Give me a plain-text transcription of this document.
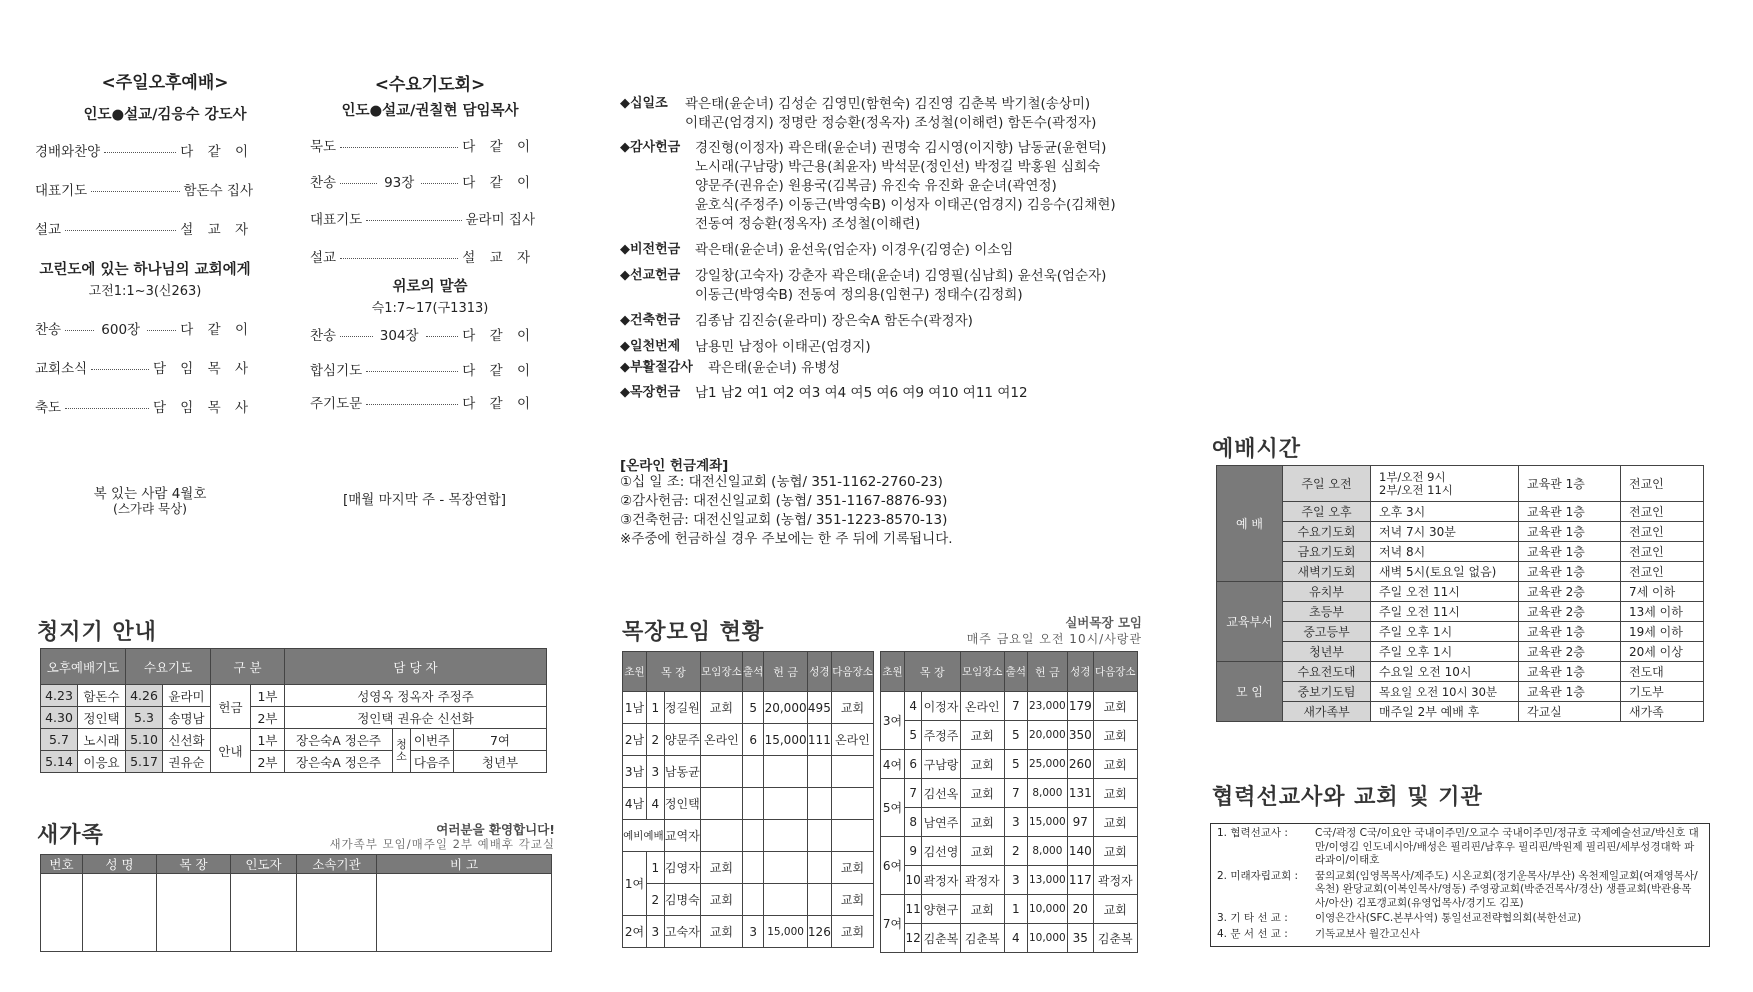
<주일오후예배>
인도●설교/김응수 강도사
경배와찬양	다 같 이
대표기도	함돈수 집사
설교	설 교 자
고린도에 있는 하나님의 교회에게
고전1:1~3(신263)
찬송	600장	다 같 이
교회소식	담 임 목 사
축도	담 임 목 사
복 있는 사람 4월호
(스가랴 묵상)
<수요기도회>
인도●설교/권칠현 담임목사
묵도	다 같 이
찬송	93장	다 같 이
대표기도	윤라미 집사
설교	설 교 자
위로의 말씀
슥1:7~17(구1313)
찬송	304장	다 같 이
합심기도	다 같 이
주기도문	다 같 이
[매월 마지막 주 - 목장연합]
◆십일조 곽은태(윤순녀) 김성순 김영민(함현숙) 김진영 김춘복 박기철(송상미)
이태곤(엄경지) 정명란 정승환(정옥자) 조성철(이해련) 함돈수(곽정자)
◆감사헌금 경진형(이정자) 곽은태(윤순녀) 권명숙 김시영(이지향) 남동균(윤현덕)
노시래(구남랑) 박근용(최윤자) 박석문(정인선) 박정길 박홍원 심희숙
양문주(권유순) 원용국(김복금) 유진숙 유진화 윤순녀(곽연정)
윤호식(주정주) 이동근(박영숙B) 이성자 이태곤(엄경지) 김응수(김채현)
전동여 정승환(정옥자) 조성철(이해련)
◆비전헌금 곽은태(윤순녀) 윤선욱(엄순자) 이경우(김영순) 이소임
◆선교헌금 강일창(고숙자) 강춘자 곽은태(윤순녀) 김영필(심남희) 윤선욱(엄순자)
이동근(박영숙B) 전동여 정의용(임현구) 정태수(김정희)
◆건축헌금 김종남 김진승(윤라미) 장은숙A 함돈수(곽정자)
◆일천번제 남용민 남정아 이태곤(엄경지)
◆부활절감사 곽은태(윤순녀) 유병성
◆목장헌금 남1 남2 여1 여2 여3 여4 여5 여6 여9 여10 여11 여12
[온라인 헌금계좌]
①십 일 조: 대전신일교회 (농협/ 351-1162-2760-23)
②감사헌금: 대전신일교회 (농협/ 351-1167-8876-93)
③건축헌금: 대전신일교회 (농협/ 351-1223-8570-13)
※주중에 헌금하실 경우 주보에는 한 주 뒤에 기록됩니다.
청지기 안내
오후예배기도		수요기도		구 분		담 당 자			
4.23	함돈수	4.26	윤라미	헌금	1부	성영옥 정옥자 주정주			
4.30	정인택	5.3	송명남		2부	정인택 권유순 신선화			
5.7	노시래	5.10	신선화	안내	1부	장은숙A 정은주	청소	이번주	7여
5.14	이응요	5.17	권유순		2부	장은숙A 정은주		다음주	청년부
새가족	여러분을 환영합니다!
새가족부 모임/매주일 2부 예배후 각교실
번호	성 명	목 장	인도자	소속기관	비 고

목장모임 현황	실버목장 모임
매주 금요일 오전 10시/사랑관
초원	목 장		모임장소	출석	헌 금	성경	다음장소
1남	1	정길원	교회	5	20,000	495	교회
2남	2	양문주	온라인	6	15,000	111	온라인
3남	3	남동균					
4남	4	정인택					
예비예배		교역자					
1여	1	김영자	교회				교회
	2	김명숙	교회				교회
2여	3	고숙자	교회	3	15,000	126	교회
초원	목 장		모임장소	출석	헌 금	성경	다음장소
3여	4	이정자	온라인	7	23,000	179	교회
	5	주정주	교회	5	20,000	350	교회
4여	6	구남랑	교회	5	25,000	260	교회
5여	7	김선옥	교회	7	8,000	131	교회
	8	남연주	교회	3	15,000	97	교회
6여	9	김선영	교회	2	8,000	140	교회
	10	곽정자	곽정자	3	13,000	117	곽정자
7여	11	양현구	교회	1	10,000	20	교회
	12	김춘복	김춘복	4	10,000	35	김춘복
예배시간
예 배	주일 오전	1부/오전 9시
2부/오전 11시	교육관 1층	전교인
	주일 오후	오후 3시	교육관 1층	전교인
	수요기도회	저녁 7시 30분	교육관 1층	전교인
	금요기도회	저녁 8시	교육관 1층	전교인
	새벽기도회	새벽 5시(토요일 없음)	교육관 1층	전교인
교육부서	유치부	주일 오전 11시	교육관 2층	7세 이하
	초등부	주일 오전 11시	교육관 2층	13세 이하
	중고등부	주일 오후 1시	교육관 1층	19세 이하
	청년부	주일 오후 1시	교육관 2층	20세 이상
모 임	수요전도대	수요일 오전 10시	교육관 1층	전도대
	중보기도팀	목요일 오전 10시 30분	교육관 1층	기도부
	새가족부	매주일 2부 예배 후	각교실	새가족
협력선교사와 교회 및 기관
1. 협력선교사 :	C국/곽정 C국/이요안 국내이주민/오교수 국내이주민/정규호 국제예술선교/박신호 대만/이영김 인도네시아/배성은 필리핀/남후우 필리핀/박원제 필리핀/세부성경대학 파라과이/이태호
2. 미래자립교회 :	꿈의교회(임영목목사/제주도) 시온교회(정기운목사/부산) 옥천제일교회(여재영목사/옥천) 완당교회(이복인목사/영동) 주영광교회(박준건목사/경산) 생플교회(박관용목사/아산) 김포갱교회(유영업목사/경기도 김포)
3. 기 타 선 교 :	이영은간사(SFC.본부사역) 통일선교전략협의회(북한선교)
4. 문 서 선 교 :	기독교보사 월간고신사
